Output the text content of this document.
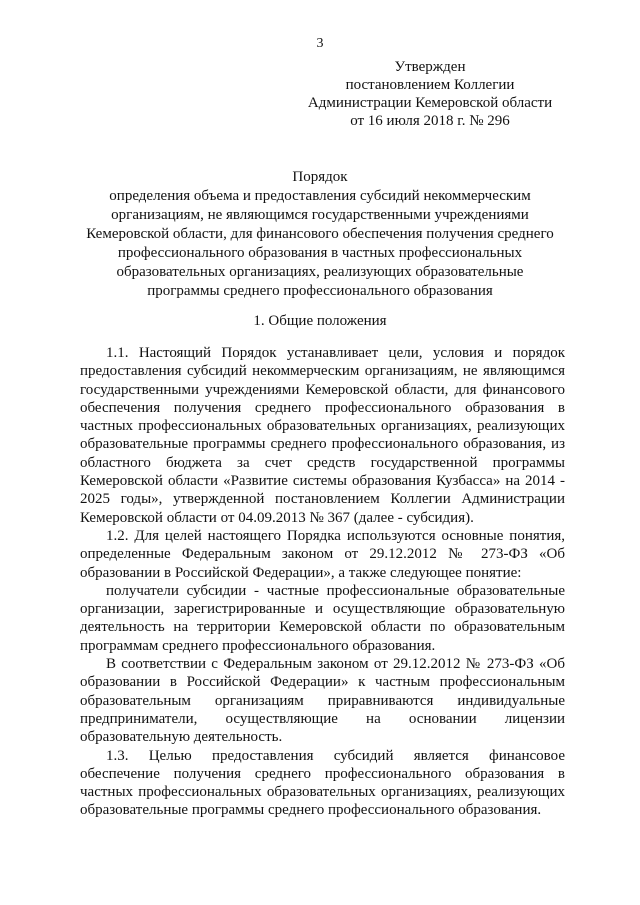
3
Утвержден
постановлением Коллегии
Администрации Кемеровской области
от 16 июля 2018 г. № 296
Порядок
определения объема и предоставления субсидий некоммерческим
организациям, не являющимся государственными учреждениями
Кемеровской области, для финансового обеспечения получения среднего
профессионального образования в частных профессиональных
образовательных организациях, реализующих образовательные
программы среднего профессионального образования
1. Общие положения

1.1. Настоящий Порядок устанавливает цели, условия и порядок предоставления субсидий некоммерческим организациям, не являющимся государственными учреждениями Кемеровской области, для финансового обеспечения получения среднего профессионального образования в частных профессиональных образовательных организациях, реализующих образовательные программы среднего профессионального образования, из областного бюджета за счет средств государственной программы Кемеровской области «Развитие системы образования Кузбасса» на 2014 - 2025 годы», утвержденной постановлением Коллегии Администрации Кемеровской области от 04.09.2013 № 367 (далее - субсидия).

1.2. Для целей настоящего Порядка используются основные понятия, определенные Федеральным законом от 29.12.2012 № 273-ФЗ «Об образовании в Российской Федерации», а также следующее понятие:

получатели субсидии - частные профессиональные образовательные организации, зарегистрированные и осуществляющие образовательную деятельность на территории Кемеровской области по образовательным программам среднего профессионального образования.

В соответствии с Федеральным законом от 29.12.2012 № 273-ФЗ «Об образовании в Российской Федерации» к частным профессиональным образовательным организациям приравниваются индивидуальные предприниматели, осуществляющие на основании лицензии образовательную деятельность.

1.3. Целью предоставления субсидий является финансовое обеспечение получения среднего профессионального образования в частных профессиональных образовательных организациях, реализующих образовательные программы среднего профессионального образования.
